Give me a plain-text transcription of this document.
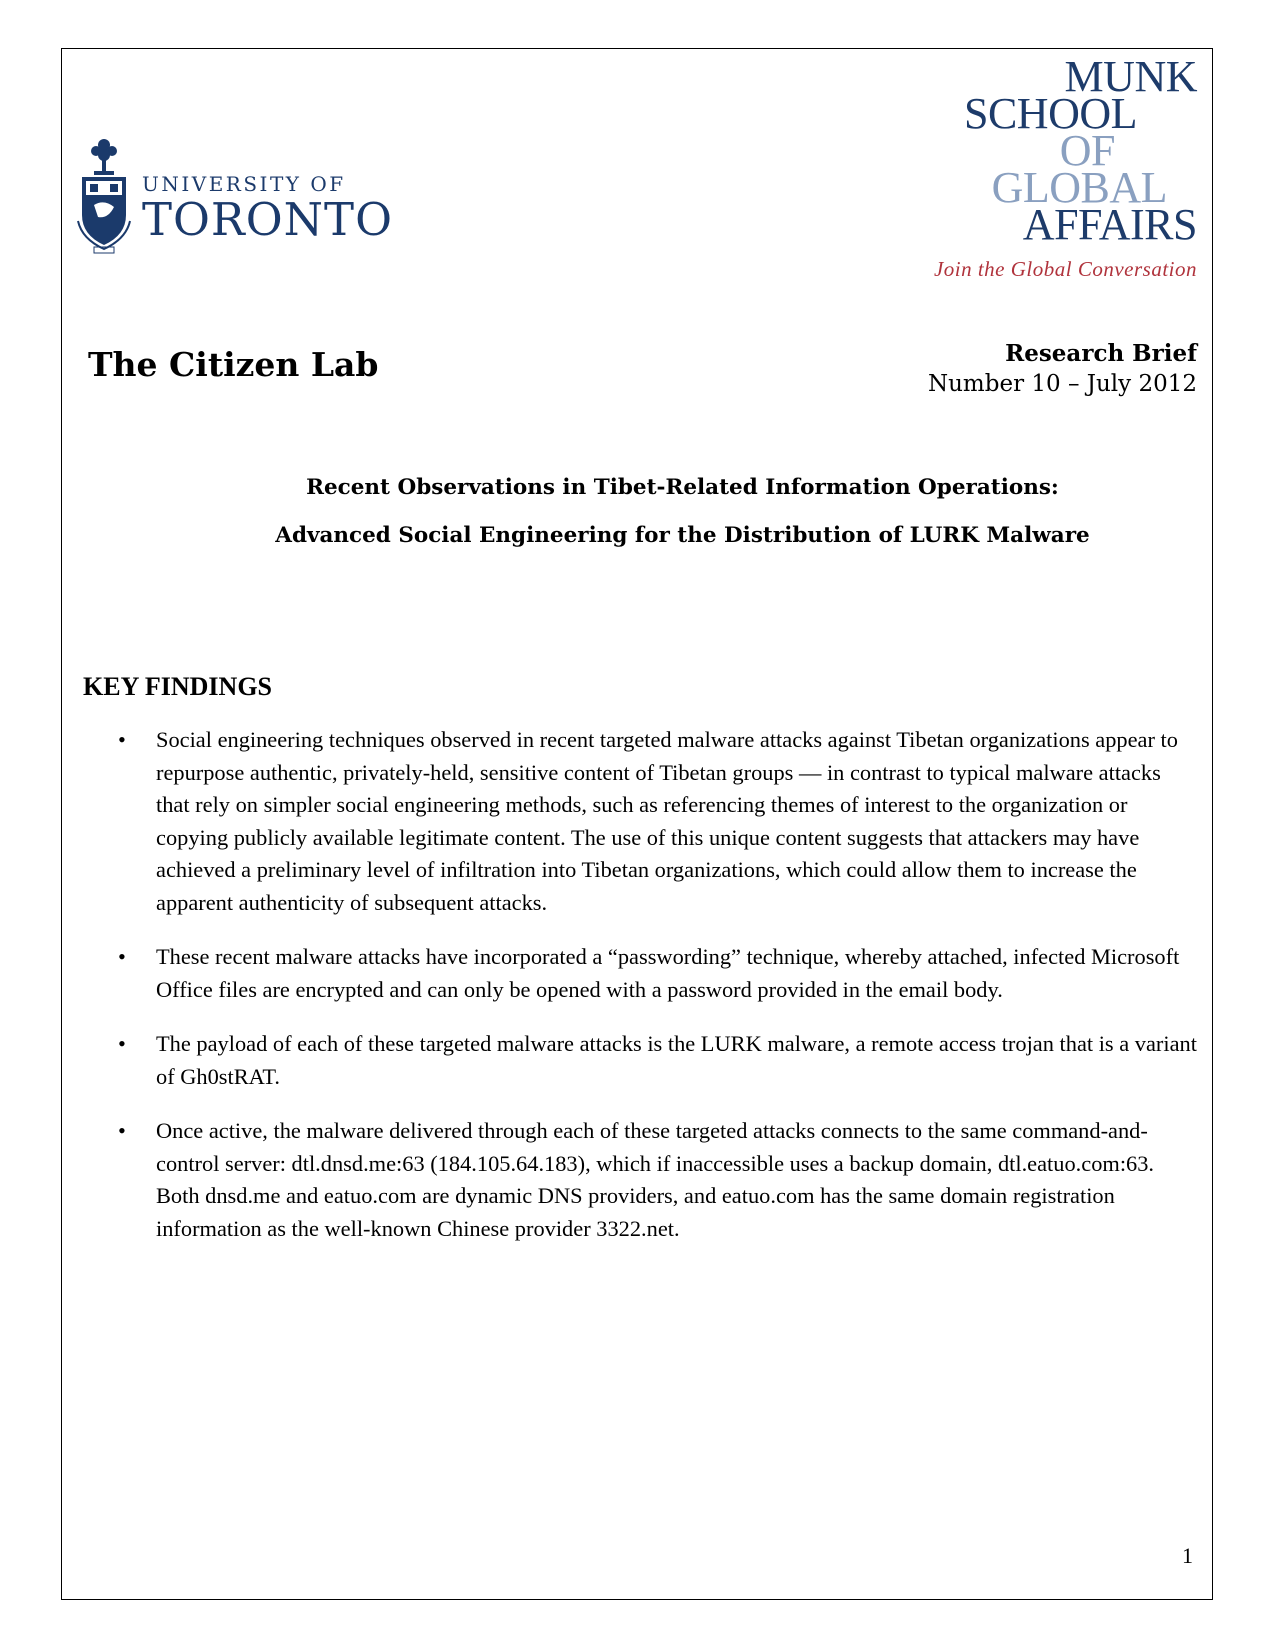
UNIVERSITY OF
TORONTO
MUNK
SCHOOL
OF
GLOBAL
AFFAIRS
Join the Global Conversation
The Citizen Lab	Research Brief
Number 10 – July 2012
Recent Observations in Tibet-Related Information Operations:
Advanced Social Engineering for the Distribution of LURK Malware
KEY FINDINGS
• Social engineering techniques observed in recent targeted malware attacks against Tibetan organizations appear to repurpose authentic, privately-held, sensitive content of Tibetan groups — in contrast to typical malware attacks that rely on simpler social engineering methods, such as referencing themes of interest to the organization or copying publicly available legitimate content. The use of this unique content suggests that attackers may have achieved a preliminary level of infiltration into Tibetan organizations, which could allow them to increase the apparent authenticity of subsequent attacks.
• These recent malware attacks have incorporated a “passwording” technique, whereby attached, infected Microsoft Office files are encrypted and can only be opened with a password provided in the email body.
• The payload of each of these targeted malware attacks is the LURK malware, a remote access trojan that is a variant of Gh0stRAT.
• Once active, the malware delivered through each of these targeted attacks connects to the same command-and-control server: dtl.dnsd.me:63 (184.105.64.183), which if inaccessible uses a backup domain, dtl.eatuo.com:63. Both dnsd.me and eatuo.com are dynamic DNS providers, and eatuo.com has the same domain registration information as the well-known Chinese provider 3322.net.
1
